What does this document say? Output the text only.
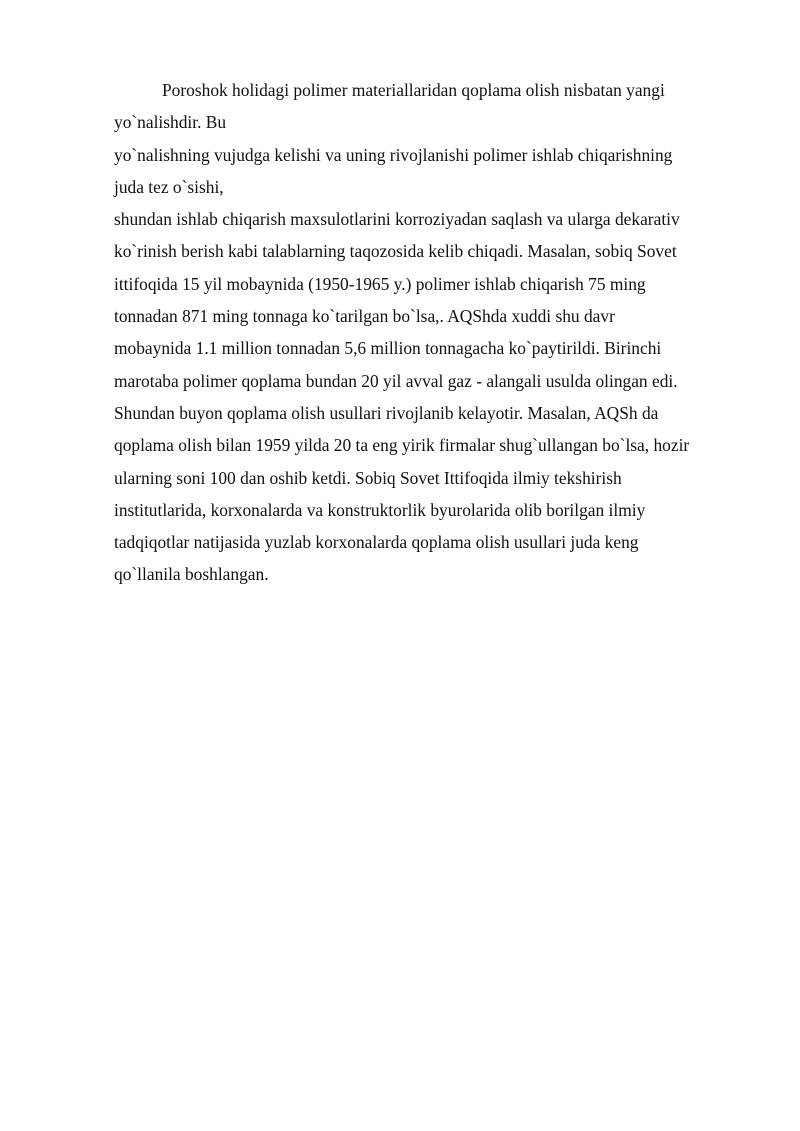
Poroshok holidagi polimer materiallaridan qoplama olish nisbatan yangi
yo`nalishdir. Bu
yo`nalishning vujudga kelishi va uning rivojlanishi polimer ishlab chiqarishning
juda tez o`sishi,
shundan ishlab chiqarish maxsulotlarini korroziyadan saqlash va ularga dekarativ
ko`rinish berish kabi talablarning taqozosida kelib chiqadi. Masalan, sobiq Sovet
ittifoqida 15 yil mobaynida (1950-1965 y.) polimer ishlab chiqarish 75 ming
tonnadan 871 ming tonnaga ko`tarilgan bo`lsa,. AQShda xuddi shu davr
mobaynida 1.1 million tonnadan 5,6 million tonnagacha ko`paytirildi. Birinchi
marotaba polimer qoplama bundan 20 yil avval gaz - alangali usulda olingan edi.
Shundan buyon qoplama olish usullari rivojlanib kelayotir. Masalan, AQSh da
qoplama olish bilan 1959 yilda 20 ta eng yirik firmalar shug`ullangan bo`lsa, hozir
ularning soni 100 dan oshib ketdi. Sobiq Sovet Ittifoqida ilmiy tekshirish
institutlarida, korxonalarda va konstruktorlik byurolarida olib borilgan ilmiy
tadqiqotlar natijasida yuzlab korxonalarda qoplama olish usullari juda keng
qo`llanila boshlangan.
